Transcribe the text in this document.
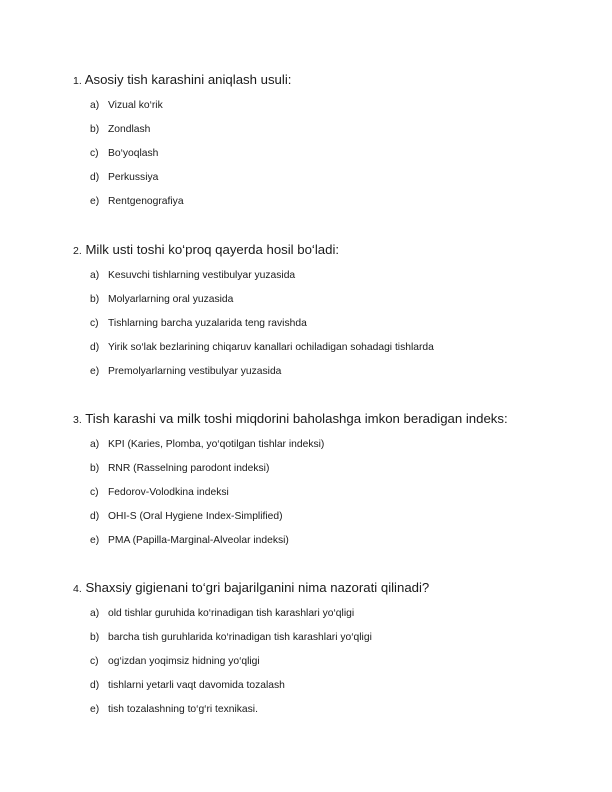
1. Asosiy tish karashini aniqlash usuli:
a) Vizual ko‘rik
b) Zondlash
c) Bo‘yoqlash
d) Perkussiya
e) Rentgenografiya
2. Milk usti toshi ko‘proq qayerda hosil bo‘ladi:
a) Kesuvchi tishlarning vestibulyar yuzasida
b) Molyarlarning oral yuzasida
c) Tishlarning barcha yuzalarida teng ravishda
d) Yirik so‘lak bezlarining chiqaruv kanallari ochiladigan sohadagi tishlarda
e) Premolyarlarning vestibulyar yuzasida
3. Tish karashi va milk toshi miqdorini baholashga imkon beradigan indeks:
a) KPI (Karies, Plomba, yo‘qotilgan tishlar indeksi)
b) RNR (Rasselning parodont indeksi)
c) Fedorov-Volodkina indeksi
d) OHI-S (Oral Hygiene Index-Simplified)
e) PMA (Papilla-Marginal-Alveolar indeksi)
4. Shaxsiy gigienani to‘gri bajarilganini nima nazorati qilinadi?
a) old tishlar guruhida ko‘rinadigan tish karashlari yo‘qligi
b) barcha tish guruhlarida ko‘rinadigan tish karashlari yo‘qligi
c) og‘izdan yoqimsiz hidning yo‘qligi
d) tishlarni yetarli vaqt davomida tozalash
e) tish tozalashning to‘g‘ri texnikasi.
